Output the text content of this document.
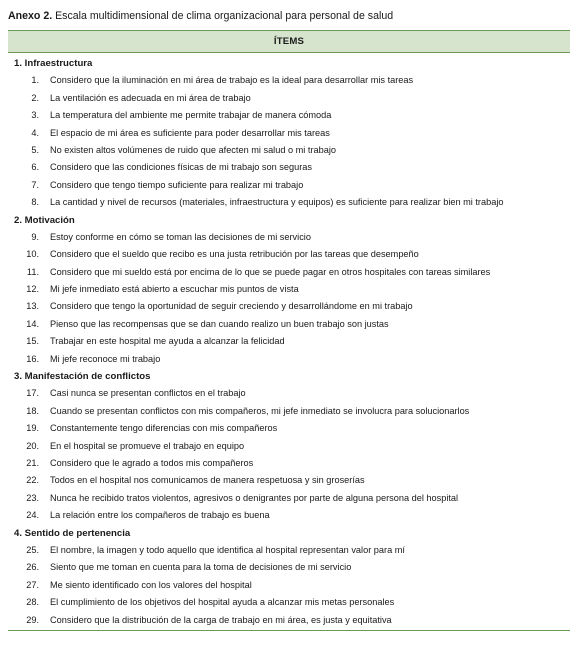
Anexo 2. Escala multidimensional de clima organizacional para personal de salud
ÍTEMS
1. Infraestructura
1.	Considero que la iluminación en mi área de trabajo es la ideal para desarrollar mis tareas
2.	La ventilación es adecuada en mi área de trabajo
3.	La temperatura del ambiente me permite trabajar de manera cómoda
4.	El espacio de mi área es suficiente para poder desarrollar mis tareas
5.	No existen altos volúmenes de ruido que afecten mi salud o mi trabajo
6.	Considero que las condiciones físicas de mi trabajo son seguras
7.	Considero que tengo tiempo suficiente para realizar mi trabajo
8.	La cantidad y nivel de recursos (materiales, infraestructura y equipos) es suficiente para realizar bien mi trabajo
2. Motivación
9.	Estoy conforme en cómo se toman las decisiones de mi servicio
10.	Considero que el sueldo que recibo es una justa retribución por las tareas que desempeño
11.	Considero que mi sueldo está por encima de lo que se puede pagar en otros hospitales con tareas similares
12.	Mi jefe inmediato está abierto a escuchar mis puntos de vista
13.	Considero que tengo la oportunidad de seguir creciendo y desarrollándome en mi trabajo
14.	Pienso que las recompensas que se dan cuando realizo un buen trabajo son justas
15.	Trabajar en este hospital me ayuda a alcanzar la felicidad
16.	Mi jefe reconoce mi trabajo
3. Manifestación de conflictos
17.	Casi nunca se presentan conflictos en el trabajo
18.	Cuando se presentan conflictos con mis compañeros, mi jefe inmediato se involucra para solucionarlos
19.	Constantemente tengo diferencias con mis compañeros
20.	En el hospital se promueve el trabajo en equipo
21.	Considero que le agrado a todos mis compañeros
22.	Todos en el hospital nos comunicamos de manera respetuosa y sin groserías
23.	Nunca he recibido tratos violentos, agresivos o denigrantes por parte de alguna persona del hospital
24.	La relación entre los compañeros de trabajo es buena
4. Sentido de pertenencia
25.	El nombre, la imagen y todo aquello que identifica al hospital representan valor para mí
26.	Siento que me toman en cuenta para la toma de decisiones de mi servicio
27.	Me siento identificado con los valores del hospital
28.	El cumplimiento de los objetivos del hospital ayuda a alcanzar mis metas personales
29.	Considero que la distribución de la carga de trabajo en mi área, es justa y equitativa
